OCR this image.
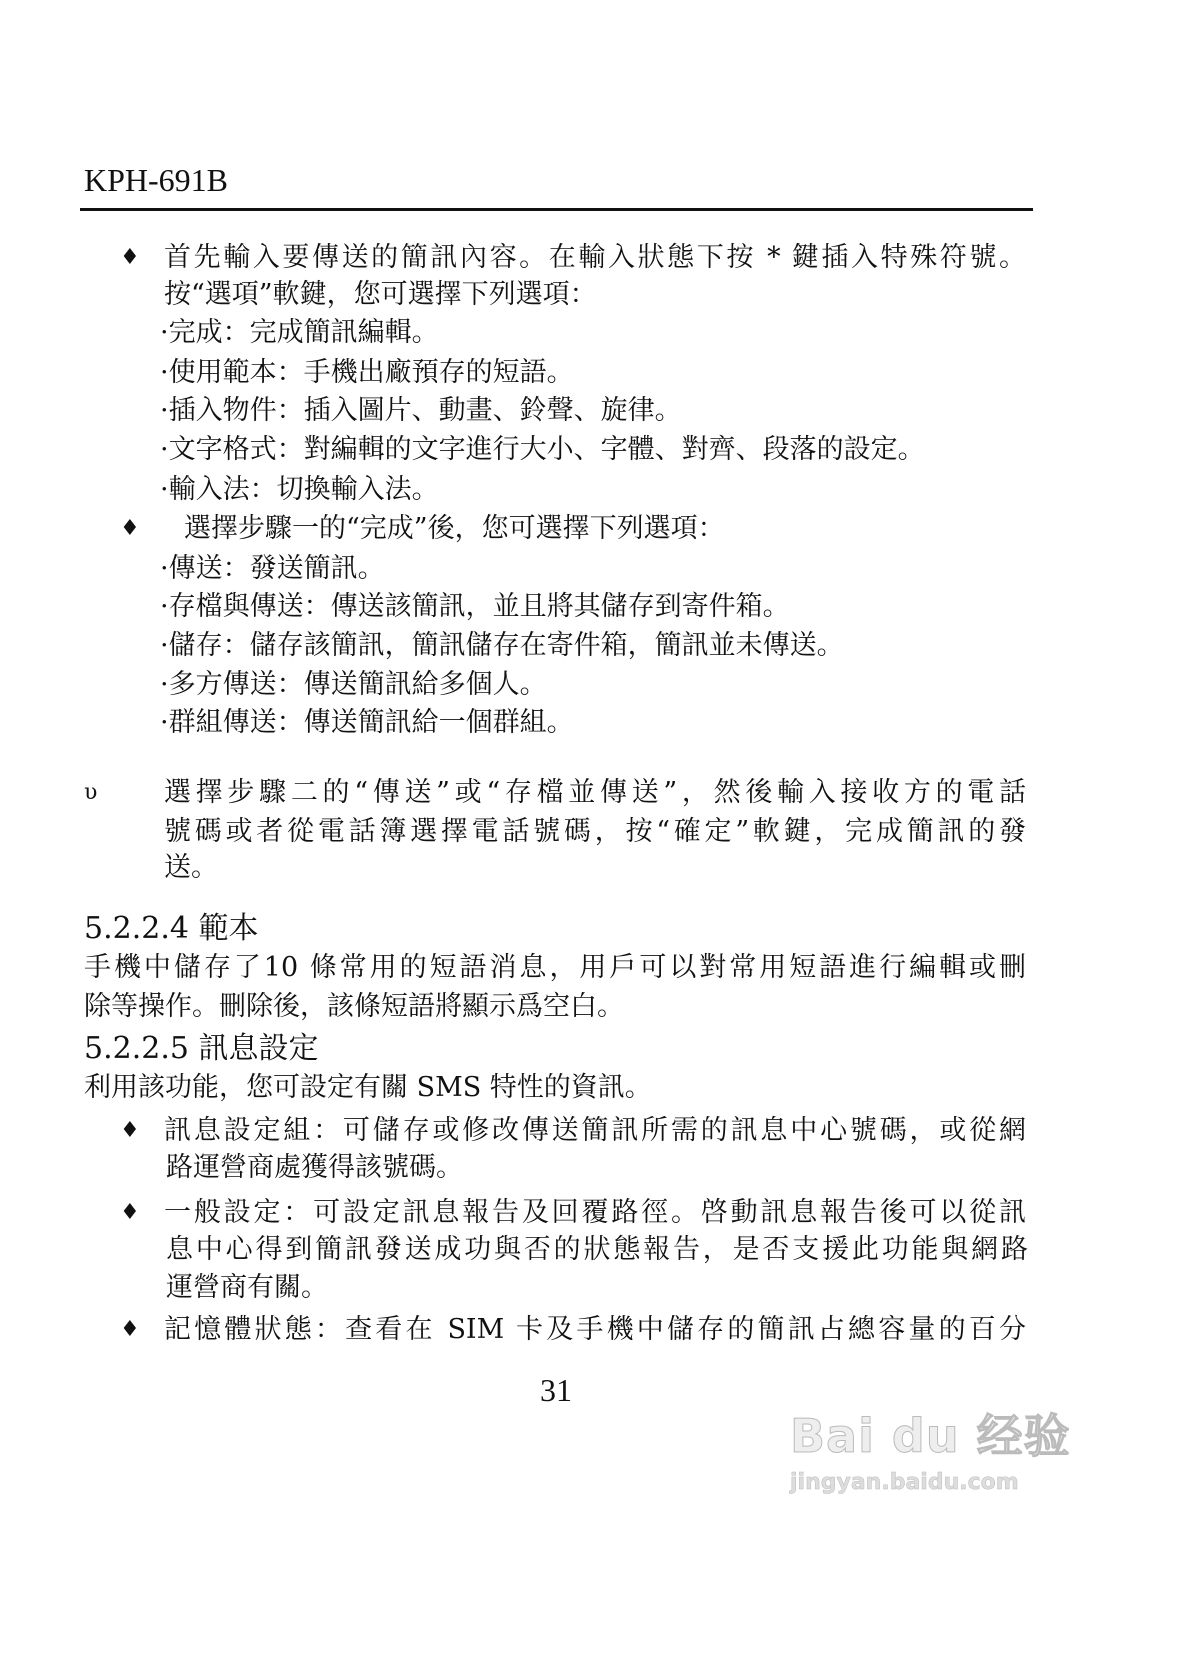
KPH-691B
♦ 首先輸入要傳送的簡訊內容。在輸入狀態下按 * 鍵插入特殊符號。
按“選項”軟鍵，您可選擇下列選項：
·完成：完成簡訊編輯。
·使用範本：手機出廠預存的短語。
·插入物件：插入圖片、動畫、鈴聲、旋律。
·文字格式：對編輯的文字進行大小、字體、對齊、段落的設定。
·輸入法：切換輸入法。
♦ 選擇步驟一的“完成”後，您可選擇下列選項：
·傳送：發送簡訊。
·存檔與傳送：傳送該簡訊，並且將其儲存到寄件箱。
·儲存：儲存該簡訊，簡訊儲存在寄件箱，簡訊並未傳送。
·多方傳送：傳送簡訊給多個人。
·群組傳送：傳送簡訊給一個群組。
υ 選擇步驟二的“傳送”或“存檔並傳送”，然後輸入接收方的電話
號碼或者從電話簿選擇電話號碼，按“確定”軟鍵，完成簡訊的發
送。
5.2.2.4 範本
手機中儲存了10 條常用的短語消息，用戶可以對常用短語進行編輯或刪
除等操作。刪除後，該條短語將顯示爲空白。
5.2.2.5 訊息設定
利用該功能，您可設定有關 SMS 特性的資訊。
♦ 訊息設定組：可儲存或修改傳送簡訊所需的訊息中心號碼，或從網
路運營商處獲得該號碼。
♦ 一般設定：可設定訊息報告及回覆路徑。啓動訊息報告後可以從訊
息中心得到簡訊發送成功與否的狀態報告，是否支援此功能與網路
運營商有關。
♦ 記憶體狀態：查看在 SIM 卡及手機中儲存的簡訊占總容量的百分
31
Bai du 经验
jingyan.baidu.com
